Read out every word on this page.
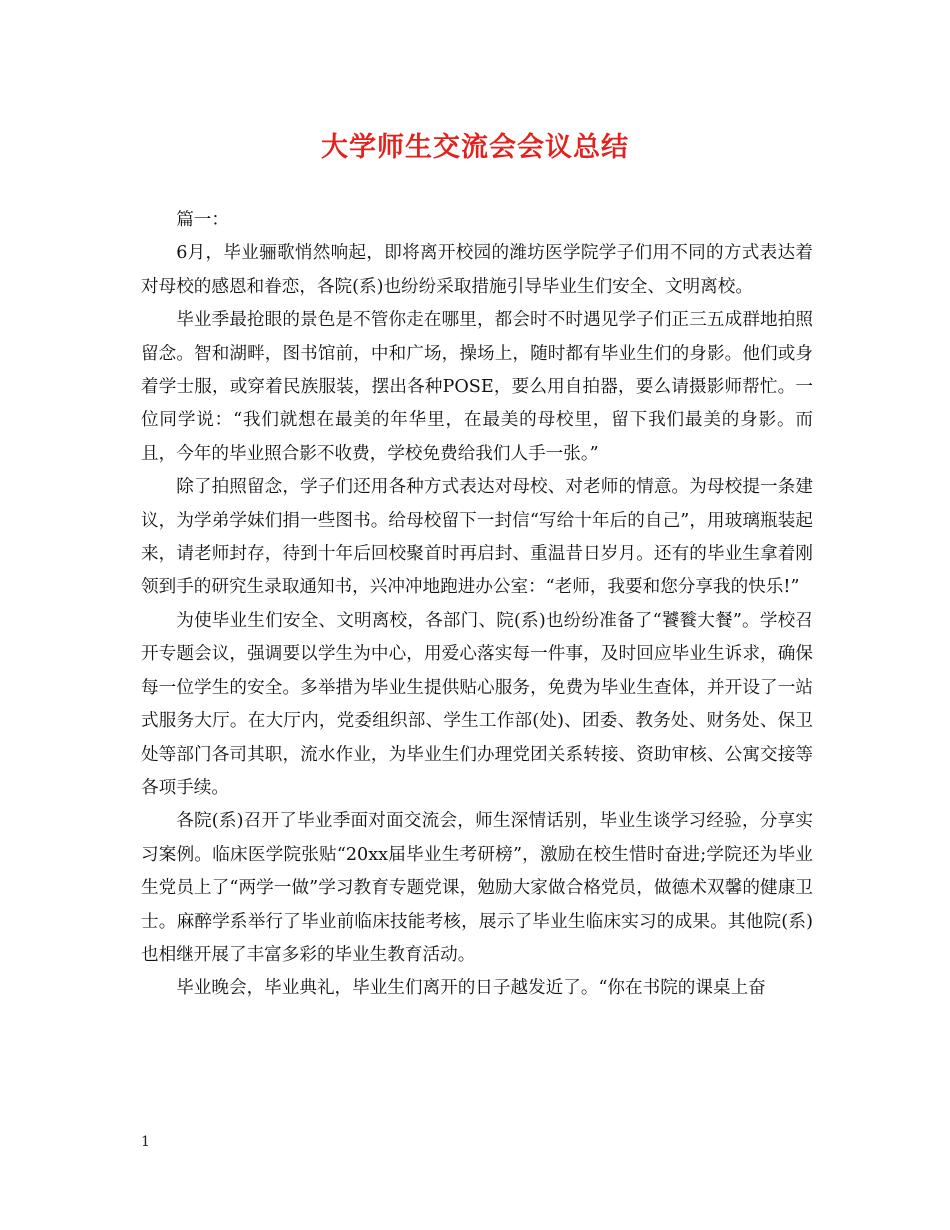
大学师生交流会会议总结

篇一：

6月，毕业骊歌悄然响起，即将离开校园的潍坊医学院学子们用不同的方式表达着对母校的感恩和眷恋，各院(系)也纷纷采取措施引导毕业生们安全、文明离校。

毕业季最抢眼的景色是不管你走在哪里，都会时不时遇见学子们正三五成群地拍照留念。智和湖畔，图书馆前，中和广场，操场上，随时都有毕业生们的身影。他们或身着学士服，或穿着民族服装，摆出各种POSE，要么用自拍器，要么请摄影师帮忙。一位同学说：“我们就想在最美的年华里，在最美的母校里，留下我们最美的身影。而且，今年的毕业照合影不收费，学校免费给我们人手一张。”

除了拍照留念，学子们还用各种方式表达对母校、对老师的情意。为母校提一条建议，为学弟学妹们捐一些图书。给母校留下一封信“写给十年后的自己”，用玻璃瓶装起来，请老师封存，待到十年后回校聚首时再启封、重温昔日岁月。还有的毕业生拿着刚领到手的研究生录取通知书，兴冲冲地跑进办公室：“老师，我要和您分享我的快乐!”

为使毕业生们安全、文明离校，各部门、院(系)也纷纷准备了“饕餮大餐”。学校召开专题会议，强调要以学生为中心，用爱心落实每一件事，及时回应毕业生诉求，确保每一位学生的安全。多举措为毕业生提供贴心服务，免费为毕业生查体，并开设了一站式服务大厅。在大厅内，党委组织部、学生工作部(处)、团委、教务处、财务处、保卫处等部门各司其职，流水作业，为毕业生们办理党团关系转接、资助审核、公寓交接等各项手续。

各院(系)召开了毕业季面对面交流会，师生深情话别，毕业生谈学习经验，分享实习案例。临床医学院张贴“20xx届毕业生考研榜”，激励在校生惜时奋进;学院还为毕业生党员上了“两学一做”学习教育专题党课，勉励大家做合格党员，做德术双馨的健康卫士。麻醉学系举行了毕业前临床技能考核，展示了毕业生临床实习的成果。其他院(系)也相继开展了丰富多彩的毕业生教育活动。

毕业晚会，毕业典礼，毕业生们离开的日子越发近了。“你在书院的课桌上奋

1
